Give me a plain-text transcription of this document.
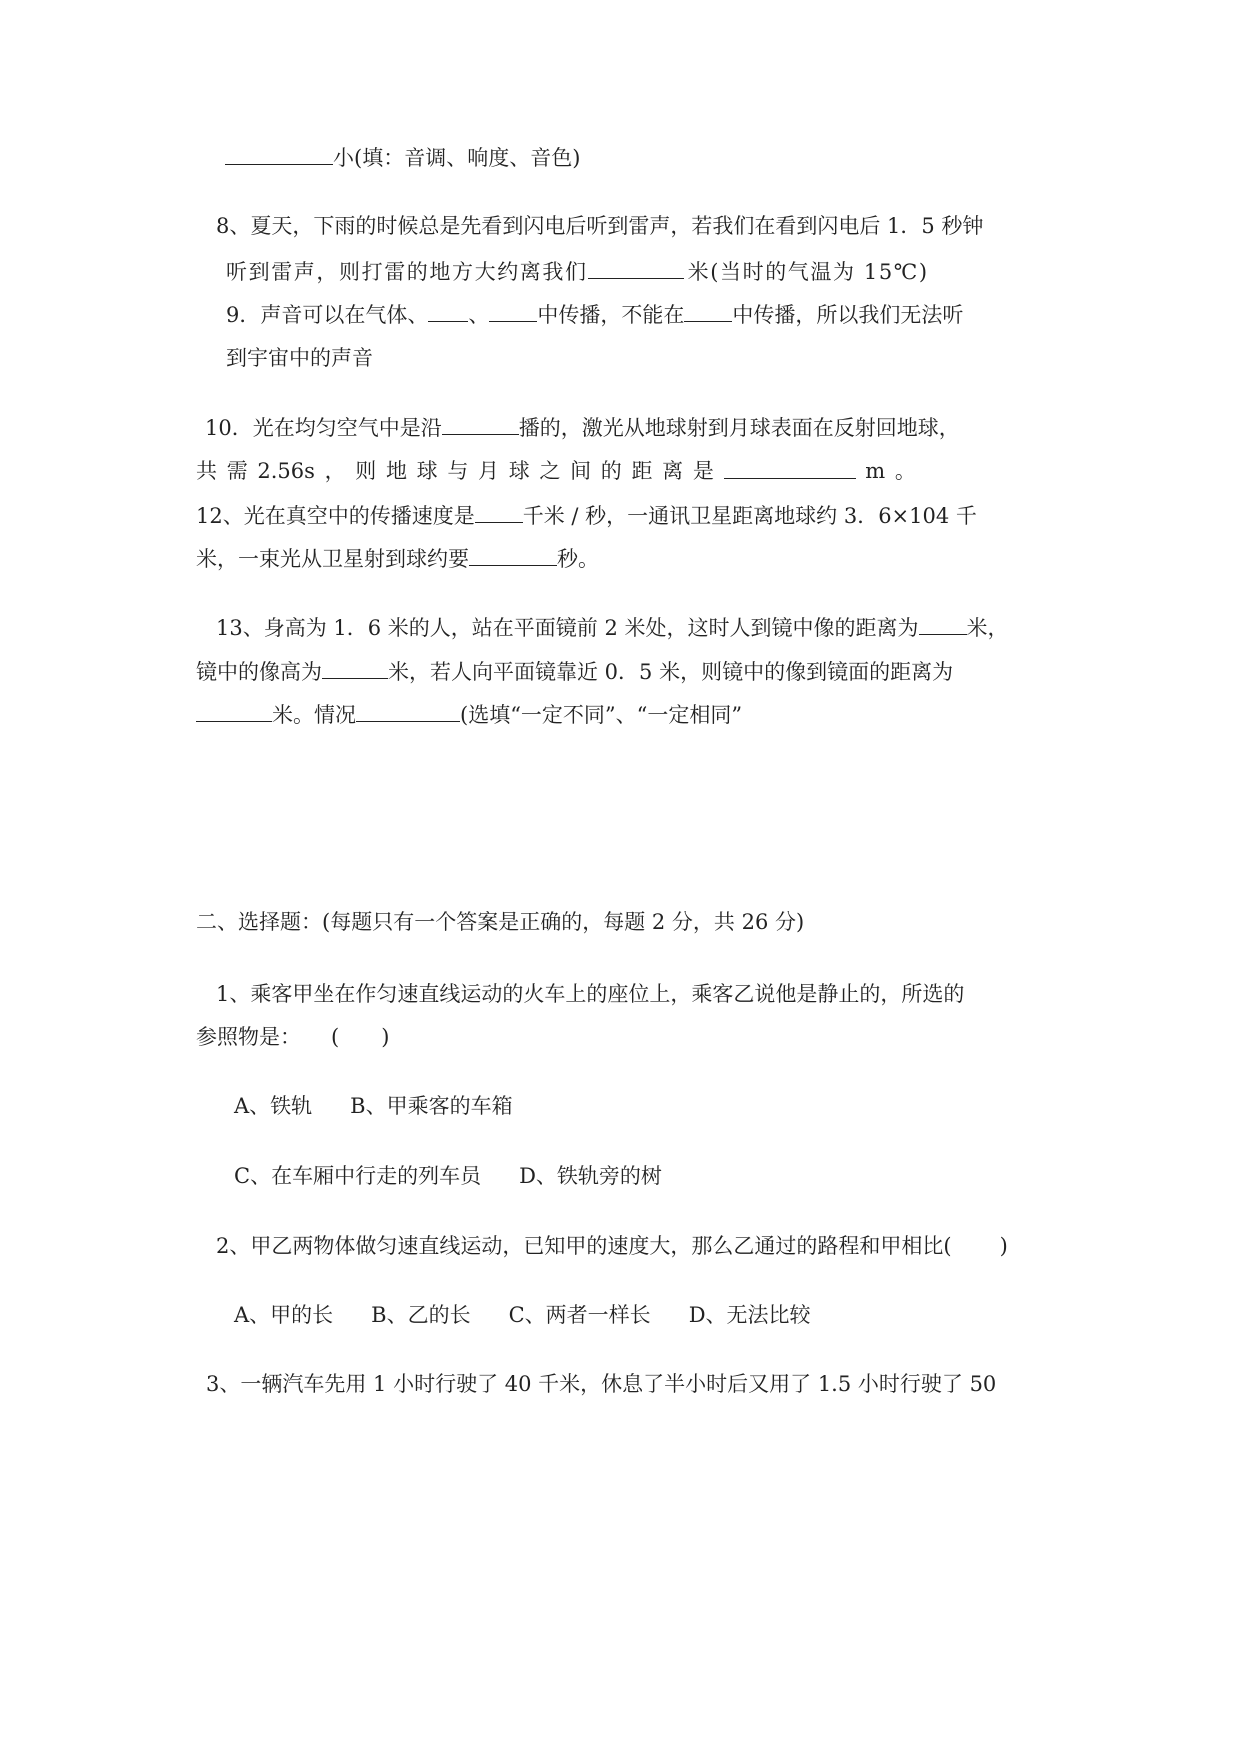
小(填：音调、响度、音色)
8、夏天，下雨的时候总是先看到闪电后听到雷声，若我们在看到闪电后 1．5 秒钟
听到雷声，则打雷的地方大约离我们	米(当时的气温为 15℃)
9．声音可以在气体、 、 中传播，不能在 中传播，所以我们无法听
到宇宙中的声音
10．光在均匀空气中是沿	播的，激光从地球射到月球表面在反射回地球，
共 需 2.56s ， 则 地 球 与 月 球 之 间 的 距 离 是	m 。
12、光在真空中的传播速度是 千米 / 秒，一通讯卫星距离地球约 3．6×104 千
米，一束光从卫星射到球约要	秒。
13、身高为 1．6 米的人，站在平面镜前 2 米处，这时人到镜中像的距离为 米，
镜中的像高为	米，若人向平面镜靠近 0．5 米，则镜中的像到镜面的距离为
米。情况	(选填“一定不同”、“一定相同”
二、选择题：(每题只有一个答案是正确的，每题 2 分，共 26 分)
1、乘客甲坐在作匀速直线运动的火车上的座位上，乘客乙说他是静止的，所选的
参照物是： (　　)
A、铁轨 B、甲乘客的车箱
C、在车厢中行走的列车员 D、铁轨旁的树
2、甲乙两物体做匀速直线运动，已知甲的速度大，那么乙通过的路程和甲相比( )
A、甲的长 B、乙的长 C、两者一样长 D、无法比较
3、一辆汽车先用 1 小时行驶了 40 千米，休息了半小时后又用了 1.5 小时行驶了 50
